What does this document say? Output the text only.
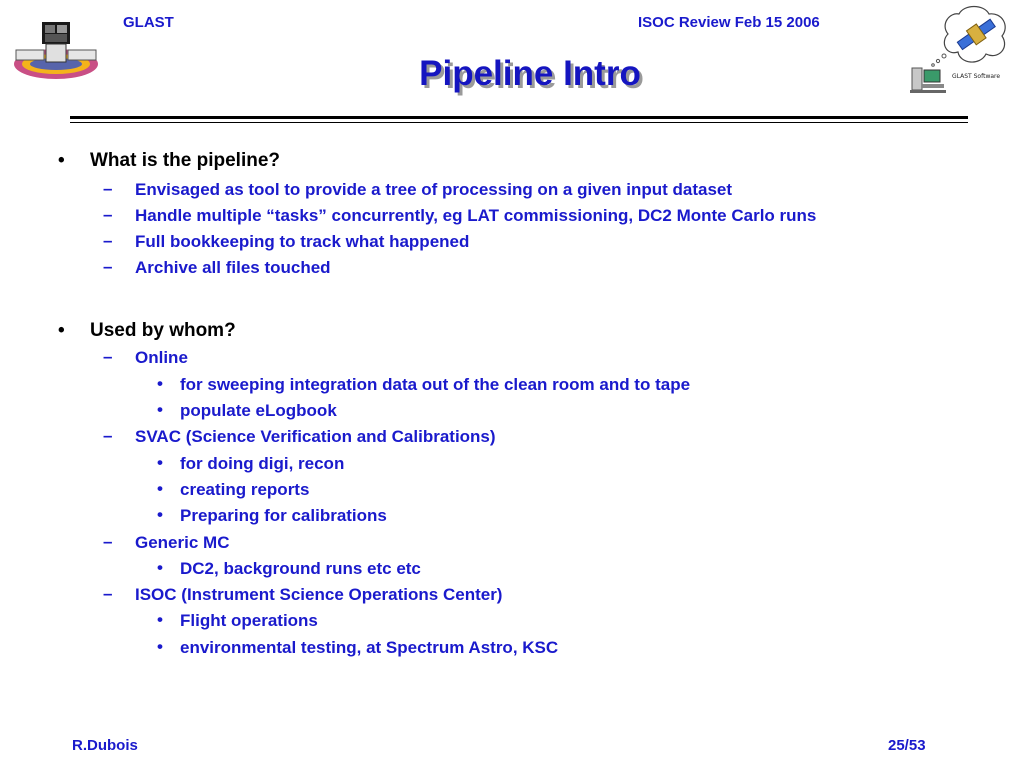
GLAST	ISOC Review Feb 15 2006
GLAST Software
Pipeline Intro
• What is the pipeline?
– Envisaged as tool to provide a tree of processing on a given input dataset
– Handle multiple “tasks” concurrently, eg LAT commissioning, DC2 Monte Carlo runs
– Full bookkeeping to track what happened
– Archive all files touched
• Used by whom?
– Online
• for sweeping integration data out of the clean room and to tape
• populate eLogbook
– SVAC (Science Verification and Calibrations)
• for doing digi, recon
• creating reports
• Preparing for calibrations
– Generic MC
• DC2, background runs etc etc
– ISOC (Instrument Science Operations Center)
• Flight operations
• environmental testing, at Spectrum Astro, KSC
R.Dubois	25/53
